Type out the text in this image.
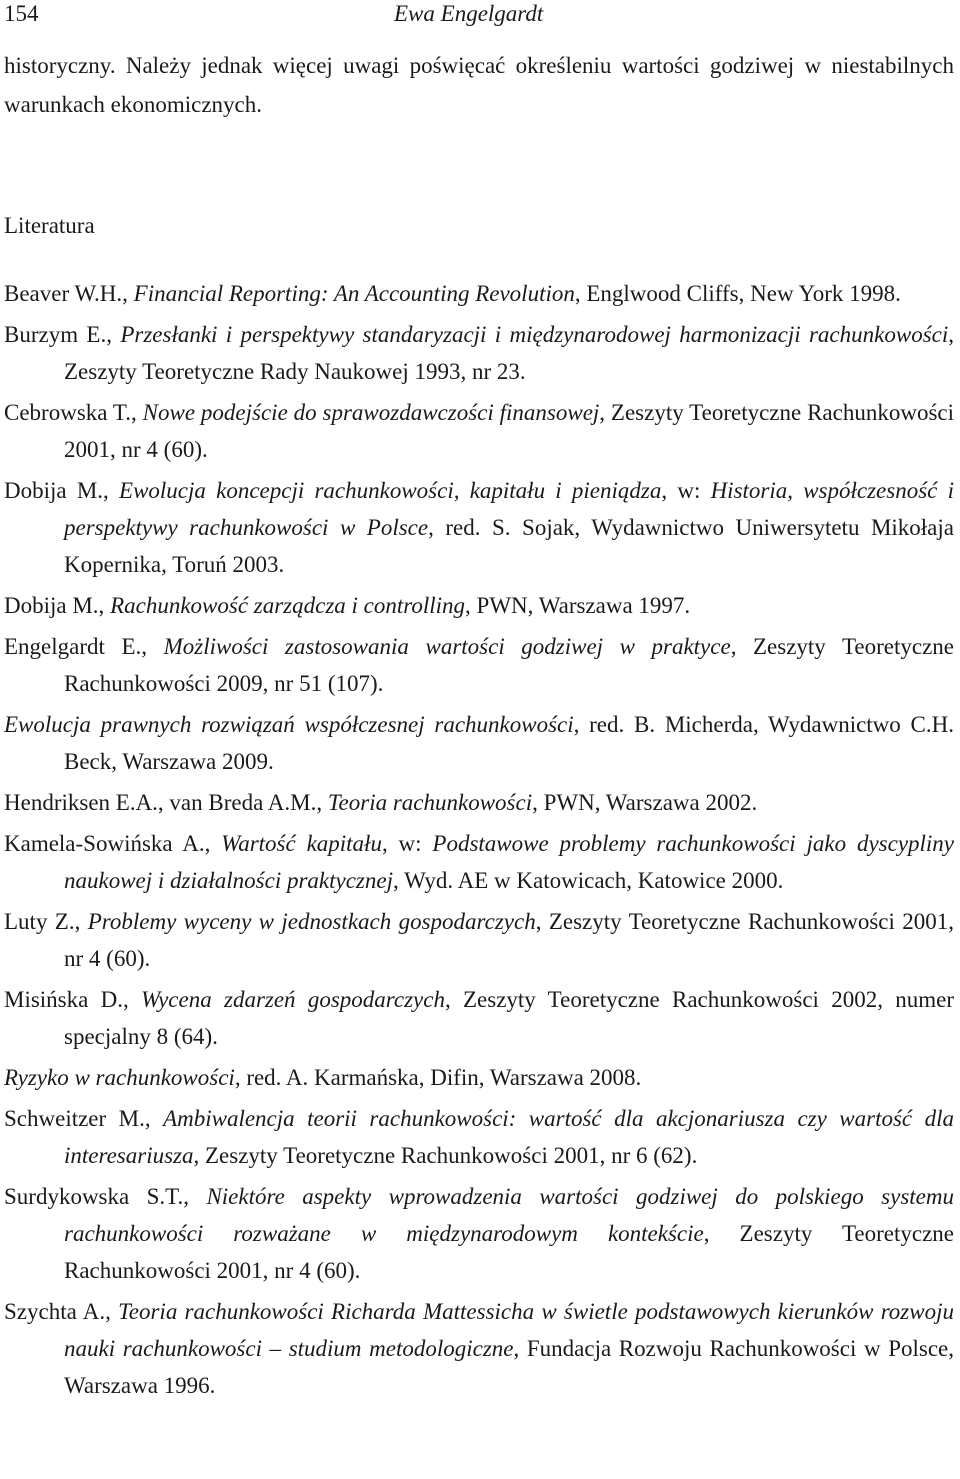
154	Ewa Engelgardt

historyczny. Należy jednak więcej uwagi poświęcać określeniu wartości godziwej w niestabilnych warunkach ekonomicznych.

Literatura
Beaver W.H., Financial Reporting: An Accounting Revolution, Englwood Cliffs, New York 1998.
Burzym E., Przesłanki i perspektywy standaryzacji i międzynarodowej harmonizacji rachunkowości, Zeszyty Teoretyczne Rady Naukowej 1993, nr 23.
Cebrowska T., Nowe podejście do sprawozdawczości finansowej, Zeszyty Teoretyczne Rachunkowości 2001, nr 4 (60).
Dobija M., Ewolucja koncepcji rachunkowości, kapitału i pieniądza, w: Historia, współczesność i perspektywy rachunkowości w Polsce, red. S. Sojak, Wydawnictwo Uniwersytetu Mikołaja Kopernika, Toruń 2003.
Dobija M., Rachunkowość zarządcza i controlling, PWN, Warszawa 1997.
Engelgardt E., Możliwości zastosowania wartości godziwej w praktyce, Zeszyty Teoretyczne Rachunkowości 2009, nr 51 (107).
Ewolucja prawnych rozwiązań współczesnej rachunkowości, red. B. Micherda, Wydawnictwo C.H. Beck, Warszawa 2009.
Hendriksen E.A., van Breda A.M., Teoria rachunkowości, PWN, Warszawa 2002.
Kamela-Sowińska A., Wartość kapitału, w: Podstawowe problemy rachunkowości jako dyscypliny naukowej i działalności praktycznej, Wyd. AE w Katowicach, Katowice 2000.
Luty Z., Problemy wyceny w jednostkach gospodarczych, Zeszyty Teoretyczne Rachunkowości 2001, nr 4 (60).
Misińska D., Wycena zdarzeń gospodarczych, Zeszyty Teoretyczne Rachunkowości 2002, numer specjalny 8 (64).
Ryzyko w rachunkowości, red. A. Karmańska, Difin, Warszawa 2008.
Schweitzer M., Ambiwalencja teorii rachunkowości: wartość dla akcjonariusza czy wartość dla interesariusza, Zeszyty Teoretyczne Rachunkowości 2001, nr 6 (62).
Surdykowska S.T., Niektóre aspekty wprowadzenia wartości godziwej do polskiego systemu rachunkowości rozważane w międzynarodowym kontekście, Zeszyty Teoretyczne Rachunkowości 2001, nr 4 (60).
Szychta A., Teoria rachunkowości Richarda Mattessicha w świetle podstawowych kierunków rozwoju nauki rachunkowości – studium metodologiczne, Fundacja Rozwoju Rachunkowości w Polsce, Warszawa 1996.
